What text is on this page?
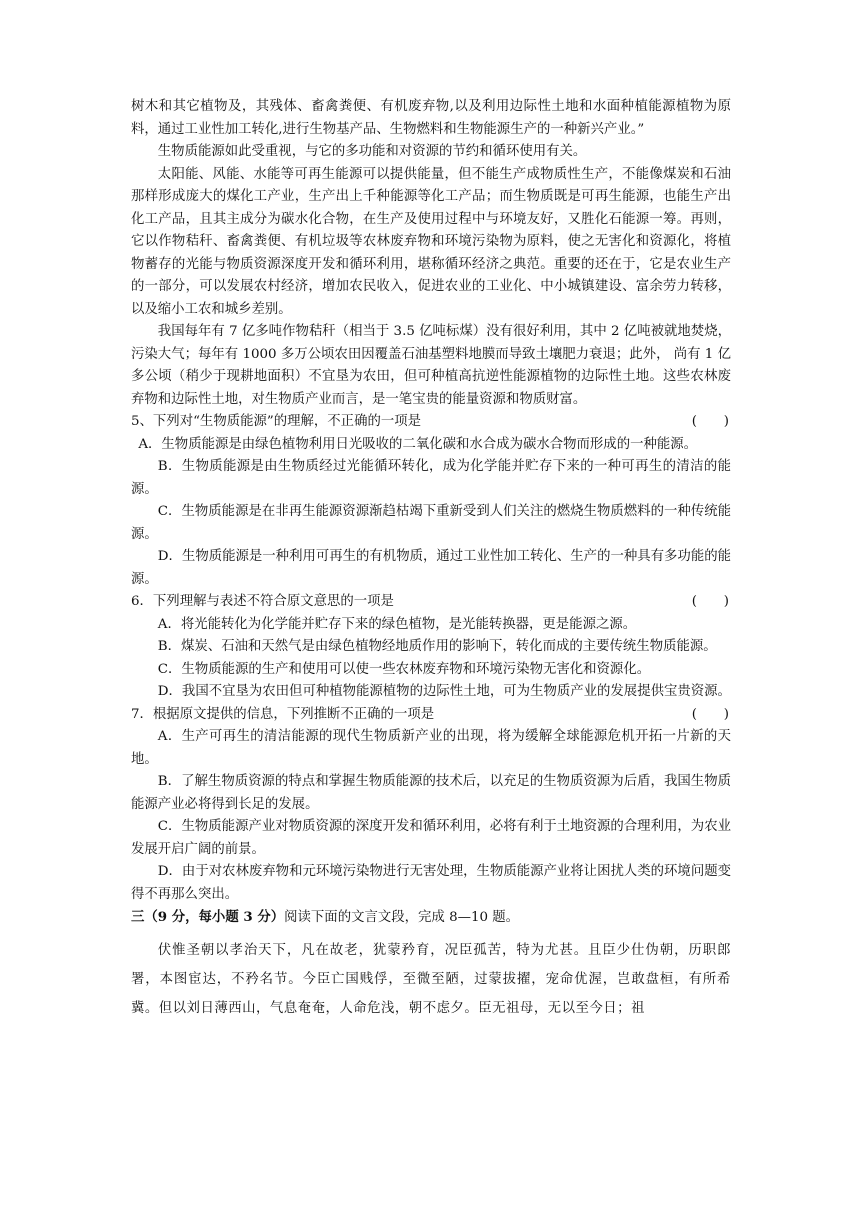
树木和其它植物及，其残体、畜禽粪便、有机废弃物,以及利用边际性土地和水面种植能源植物为原料，通过工业性加工转化,进行生物基产品、生物燃料和生物能源生产的一种新兴产业。”

生物质能源如此受重视，与它的多功能和对资源的节约和循环使用有关。

太阳能、风能、水能等可再生能源可以提供能量，但不能生产成物质性生产，不能像煤炭和石油那样形成庞大的煤化工产业，生产出上千种能源等化工产品；而生物质既是可再生能源，也能生产出化工产品，且其主成分为碳水化合物，在生产及使用过程中与环境友好，又胜化石能源一筹。再则，它以作物秸秆、畜禽粪便、有机垃圾等农林废弃物和环境污染物为原料，使之无害化和资源化，将植物蓄存的光能与物质资源深度开发和循环利用，堪称循环经济之典范。重要的还在于，它是农业生产的一部分，可以发展农村经济，增加农民收入，促进农业的工业化、中小城镇建设、富余劳力转移，以及缩小工农和城乡差别。

我国每年有 7 亿多吨作物秸秆（相当于 3.5 亿吨标煤）没有很好利用，其中 2 亿吨被就地焚烧，污染大气；每年有 1000 多万公顷农田因覆盖石油基塑料地膜而导致土壤肥力衰退；此外， 尚有 1 亿多公顷（稍少于现耕地面积）不宜垦为农田，但可种植高抗逆性能源植物的边际性土地。这些农林废弃物和边际性土地，对生物质产业而言，是一笔宝贵的能量资源和物质财富。

5、下列对“生物质能源”的理解，不正确的一项是	(　　)

A．生物质能源是由绿色植物利用日光吸收的二氧化碳和水合成为碳水合物而形成的一种能源。

B．生物质能源是由生物质经过光能循环转化，成为化学能并贮存下来的一种可再生的清洁的能源。

C．生物质能源是在非再生能源资源渐趋枯竭下重新受到人们关注的燃烧生物质燃料的一种传统能源。

D．生物质能源是一种利用可再生的有机物质，通过工业性加工转化、生产的一种具有多功能的能源。

6．下列理解与表述不符合原文意思的一项是	(　　)

A．将光能转化为化学能并贮存下来的绿色植物，是光能转换器，更是能源之源。

B．煤炭、石油和天然气是由绿色植物经地质作用的影响下，转化而成的主要传统生物质能源。

C．生物质能源的生产和使用可以使一些农林废弃物和环境污染物无害化和资源化。

D．我国不宜垦为农田但可种植物能源植物的边际性土地，可为生物质产业的发展提供宝贵资源。

7．根据原文提供的信息，下列推断不正确的一项是	(　　)

A．生产可再生的清洁能源的现代生物质新产业的出现，将为缓解全球能源危机开拓一片新的天地。

B．了解生物质资源的特点和掌握生物质能源的技术后，以充足的生物质资源为后盾，我国生物质能源产业必将得到长足的发展。

C．生物质能源产业对物质资源的深度开发和循环利用，必将有利于土地资源的合理利用，为农业发展开启广阔的前景。

D．由于对农林废弃物和元环境污染物进行无害处理，生物质能源产业将让困扰人类的环境问题变得不再那么突出。

三（9 分，每小题 3 分）阅读下面的文言文段，完成 8—10 题。

伏惟圣朝以孝治天下，凡在故老，犹蒙矜育，况臣孤苦，特为尤甚。且臣少仕伪朝，历职郎署，本图宦达，不矜名节。今臣亡国贱俘，至微至陋，过蒙拔擢，宠命优渥，岂敢盘桓，有所希冀。但以刘日薄西山，气息奄奄，人命危浅，朝不虑夕。臣无祖母，无以至今日；祖
